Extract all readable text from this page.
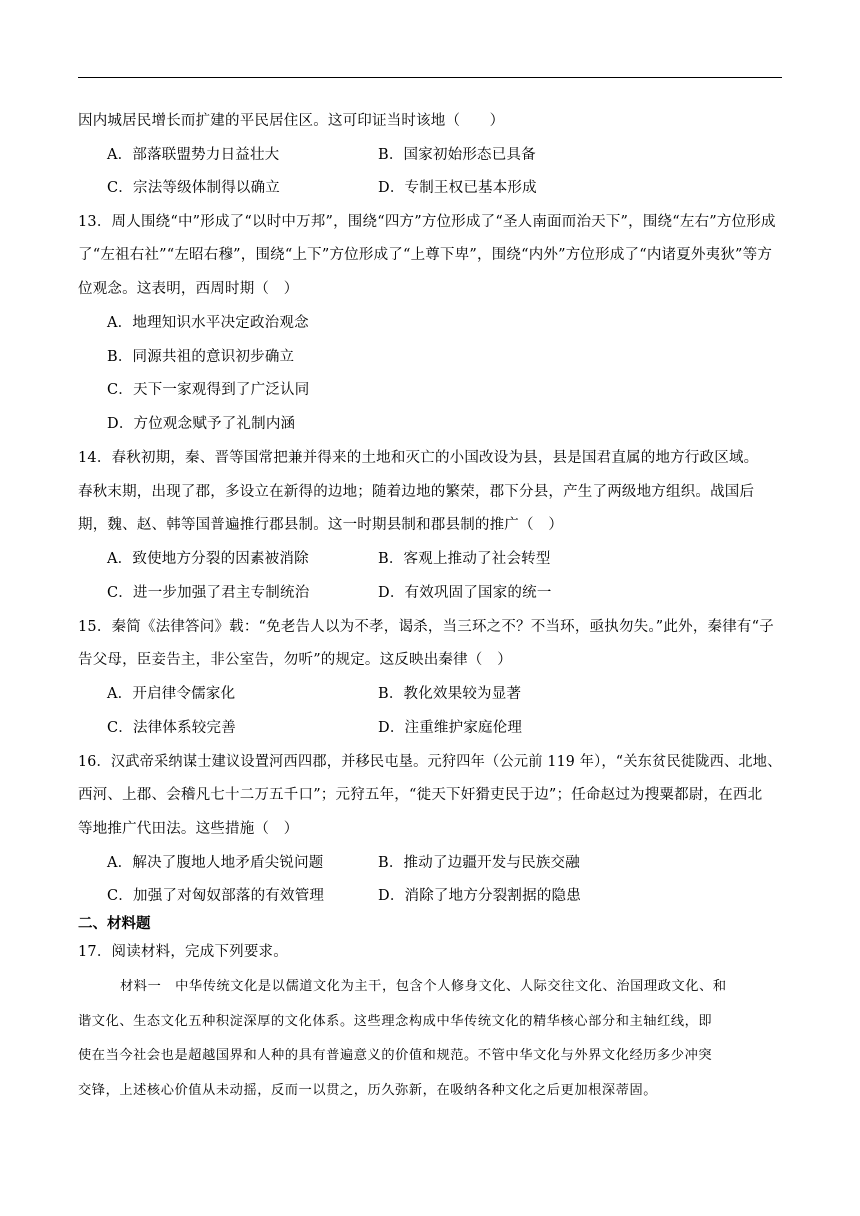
因内城居民增长而扩建的平民居住区。这可印证当时该地（　　）
A．部落联盟势力日益壮大	B．国家初始形态已具备
C．宗法等级体制得以确立	D．专制王权已基本形成
13．周人围绕“中”形成了“以时中万邦”，围绕“四方”方位形成了“圣人南面而治天下”，围绕“左右”方位形成
了“左祖右社”“左昭右穆”，围绕“上下”方位形成了“上尊下卑”，围绕“内外”方位形成了“内诸夏外夷狄”等方
位观念。这表明，西周时期（　）
A．地理知识水平决定政治观念
B．同源共祖的意识初步确立
C．天下一家观得到了广泛认同
D．方位观念赋予了礼制内涵
14．春秋初期，秦、晋等国常把兼并得来的土地和灭亡的小国改设为县，县是国君直属的地方行政区域。
春秋末期，出现了郡，多设立在新得的边地；随着边地的繁荣，郡下分县，产生了两级地方组织。战国后
期，魏、赵、韩等国普遍推行郡县制。这一时期县制和郡县制的推广（　）
A．致使地方分裂的因素被消除	B．客观上推动了社会转型
C．进一步加强了君主专制统治	D．有效巩固了国家的统一
15．秦简《法律答问》载：“免老告人以为不孝，谒杀，当三环之不？不当环，亟执勿失。”此外，秦律有“子
告父母，臣妾告主，非公室告，勿听”的规定。这反映出秦律（　）
A．开启律令儒家化	B．教化效果较为显著
C．法律体系较完善	D．注重维护家庭伦理
16．汉武帝采纳谋士建议设置河西四郡，并移民屯垦。元狩四年（公元前 119 年），“关东贫民徙陇西、北地、
西河、上郡、会稽凡七十二万五千口”；元狩五年，“徙天下奸猾吏民于边”；任命赵过为搜粟都尉，在西北
等地推广代田法。这些措施（　）
A．解决了腹地人地矛盾尖锐问题	B．推动了边疆开发与民族交融
C．加强了对匈奴部落的有效管理	D．消除了地方分裂割据的隐患
二、材料题
17．阅读材料，完成下列要求。
材料一　中华传统文化是以儒道文化为主干，包含个人修身文化、人际交往文化、治国理政文化、和
谐文化、生态文化五种积淀深厚的文化体系。这些理念构成中华传统文化的精华核心部分和主轴红线，即
使在当今社会也是超越国界和人种的具有普遍意义的价值和规范。不管中华文化与外界文化经历多少冲突
交锋，上述核心价值从未动摇，反而一以贯之，历久弥新，在吸纳各种文化之后更加根深蒂固。
